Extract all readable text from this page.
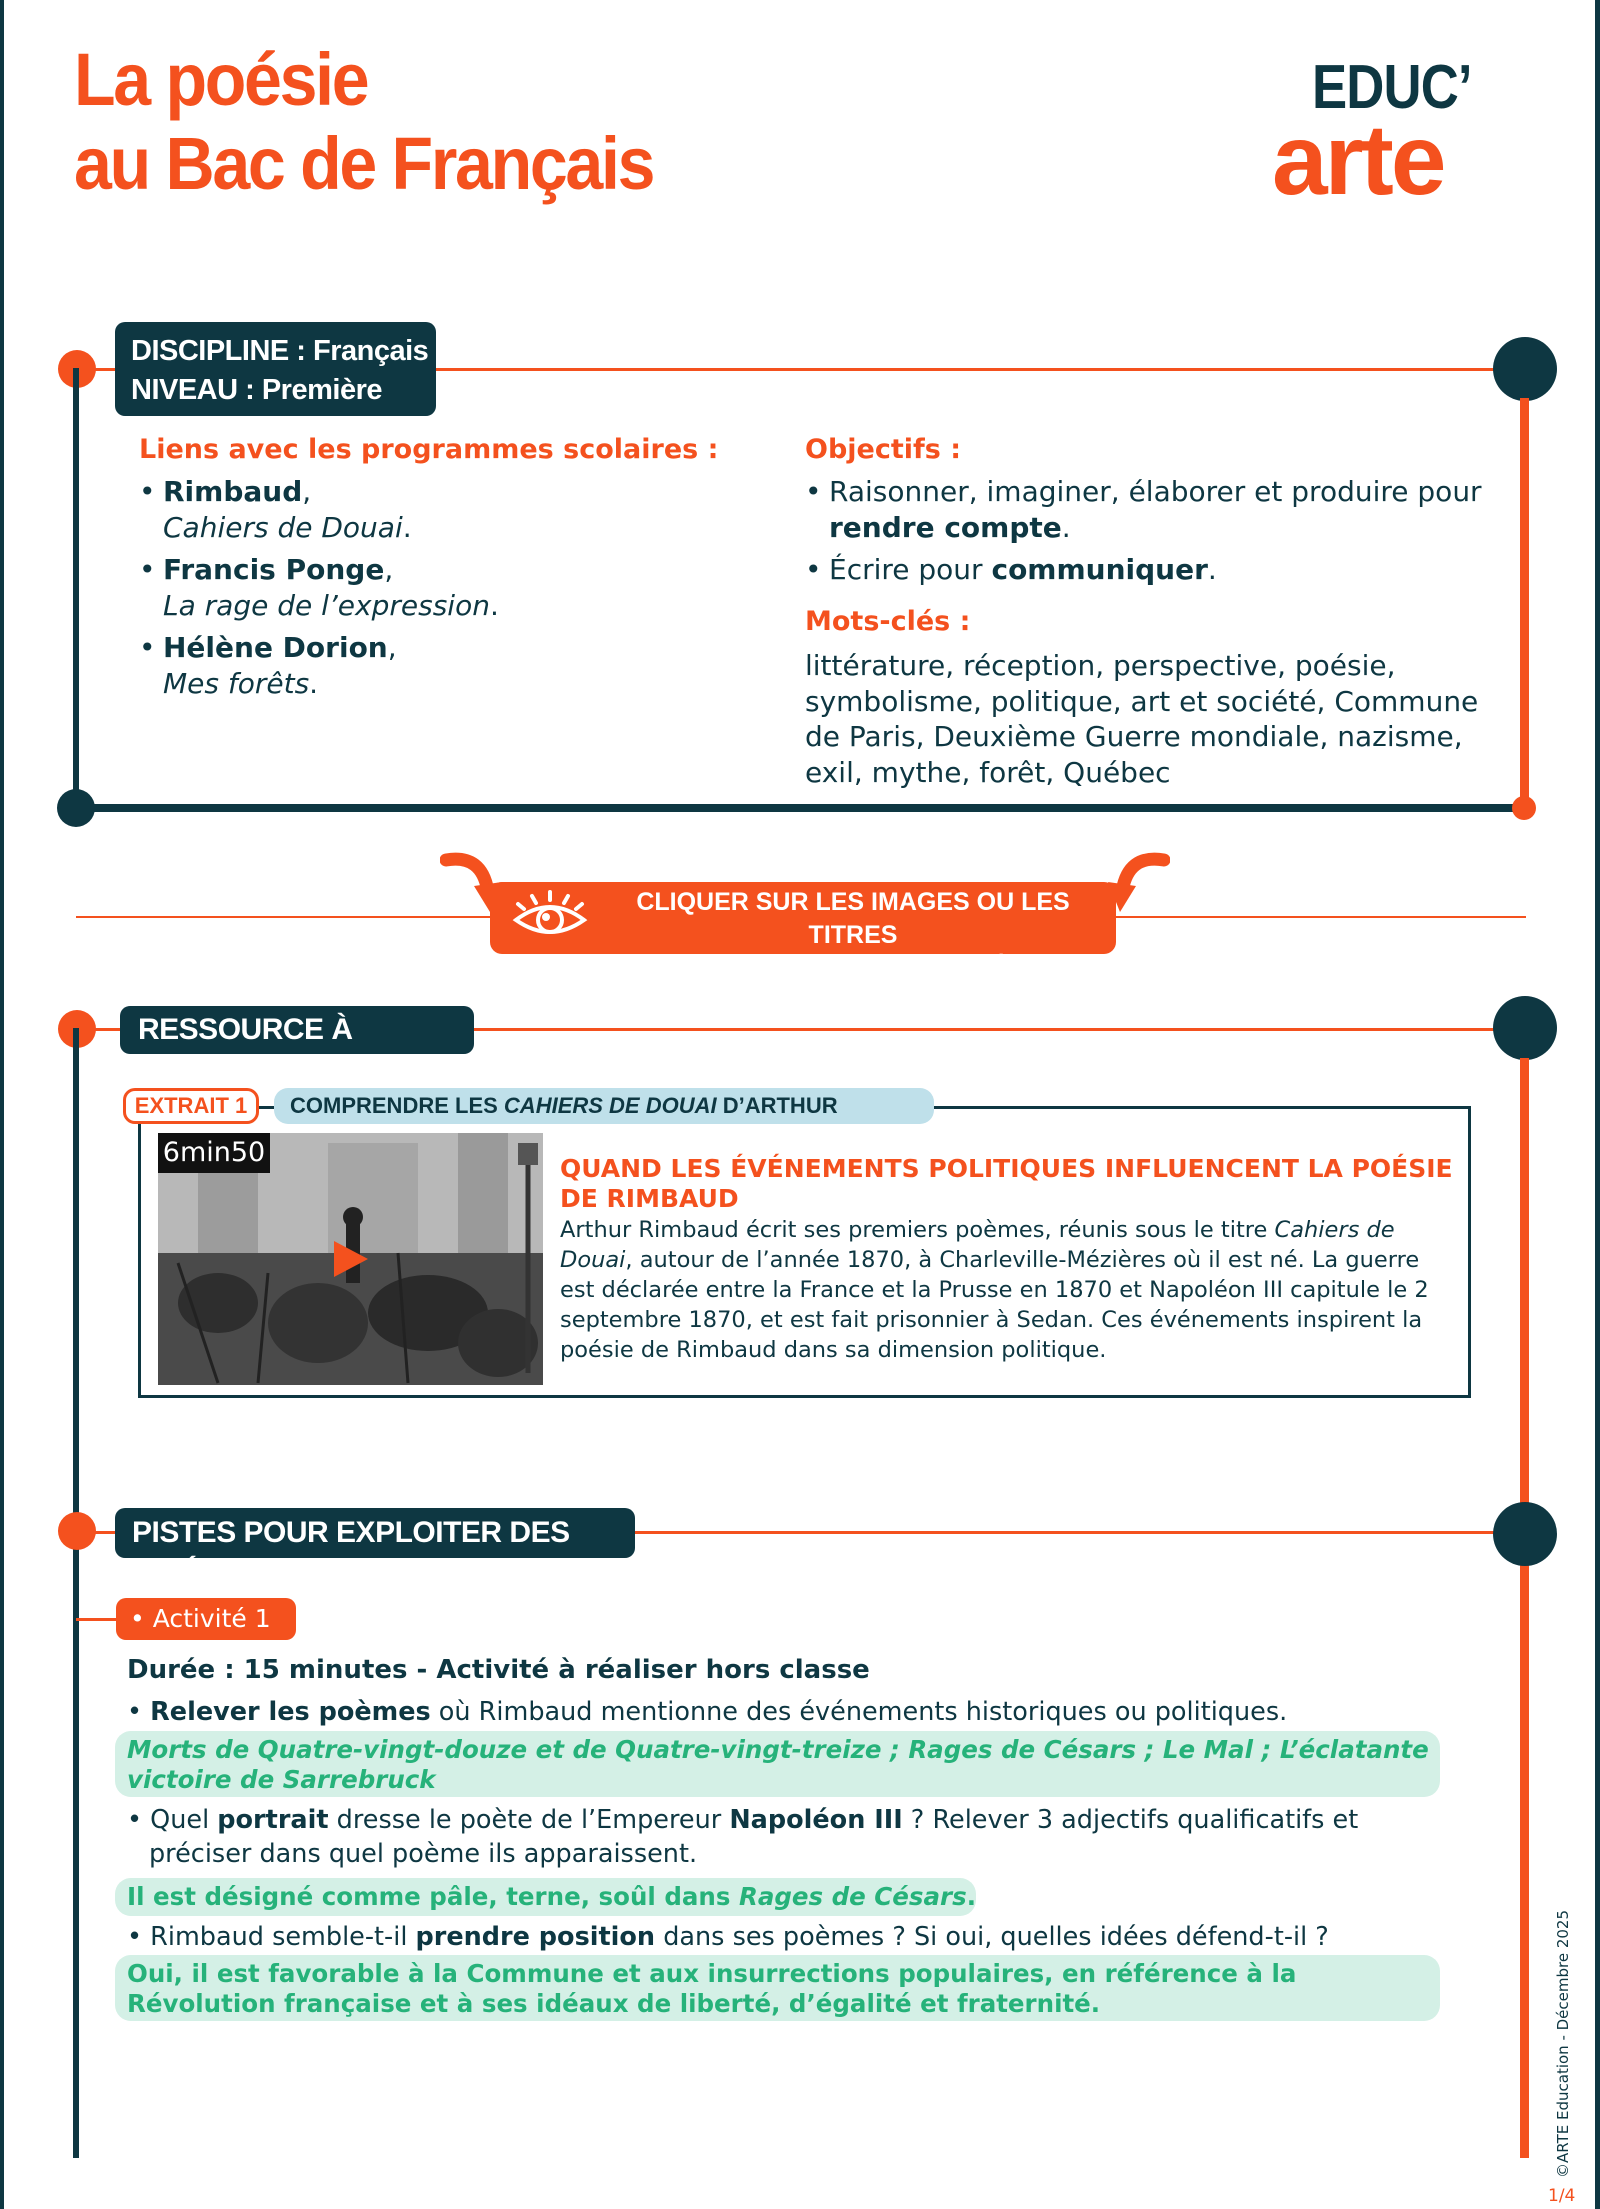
La poésie
au Bac de Français
EDUC’
arte
DISCIPLINE : Français
NIVEAU : Première
Liens avec les programmes scolaires :
• Rimbaud,
Cahiers de Douai.
• Francis Ponge,
La rage de l’expression.
• Hélène Dorion,
Mes forêts.
Objectifs :
• Raisonner, imaginer, élaborer et produire pour rendre compte.
• Écrire pour communiquer.
Mots-clés :
littérature, réception, perspective, poésie, symbolisme, politique, art et société, Commune de Paris, Deuxième Guerre mondiale, nazisme, exil, mythe, forêt, Québec
CLIQUER SUR LES IMAGES OU LES TITRES
DES EXTRAITS POUR Y ACCÉDER
RESSOURCE À UTILISER
EXTRAIT 1	COMPRENDRE LES CAHIERS DE DOUAI D’ARTHUR
6min50
QUAND LES ÉVÉNEMENTS POLITIQUES INFLUENCENT LA POÉSIE DE RIMBAUD
Arthur Rimbaud écrit ses premiers poèmes, réunis sous le titre Cahiers de Douai, autour de l’année 1870, à Charleville-Mézières où il est né. La guerre est déclarée entre la France et la Prusse en 1870 et Napoléon III capitule le 2 septembre 1870, et est fait prisonnier à Sedan. Ces événements inspirent la poésie de Rimbaud dans sa dimension politique.
PISTES POUR EXPLOITER DES VIDÉOS
• Activité 1
Durée : 15 minutes - Activité à réaliser hors classe
• Relever les poèmes où Rimbaud mentionne des événements historiques ou politiques.
Morts de Quatre-vingt-douze et de Quatre-vingt-treize ; Rages de Césars ; Le Mal ; L’éclatante victoire de Sarrebruck
• Quel portrait dresse le poète de l’Empereur Napoléon III ? Relever 3 adjectifs qualificatifs et préciser dans quel poème ils apparaissent.
Il est désigné comme pâle, terne, soûl dans Rages de Césars.
• Rimbaud semble-t-il prendre position dans ses poèmes ? Si oui, quelles idées défend-t-il ?
Oui, il est favorable à la Commune et aux insurrections populaires, en référence à la Révolution française et à ses idéaux de liberté, d’égalité et fraternité.	©ARTE Education - Décembre 2025
1/4
